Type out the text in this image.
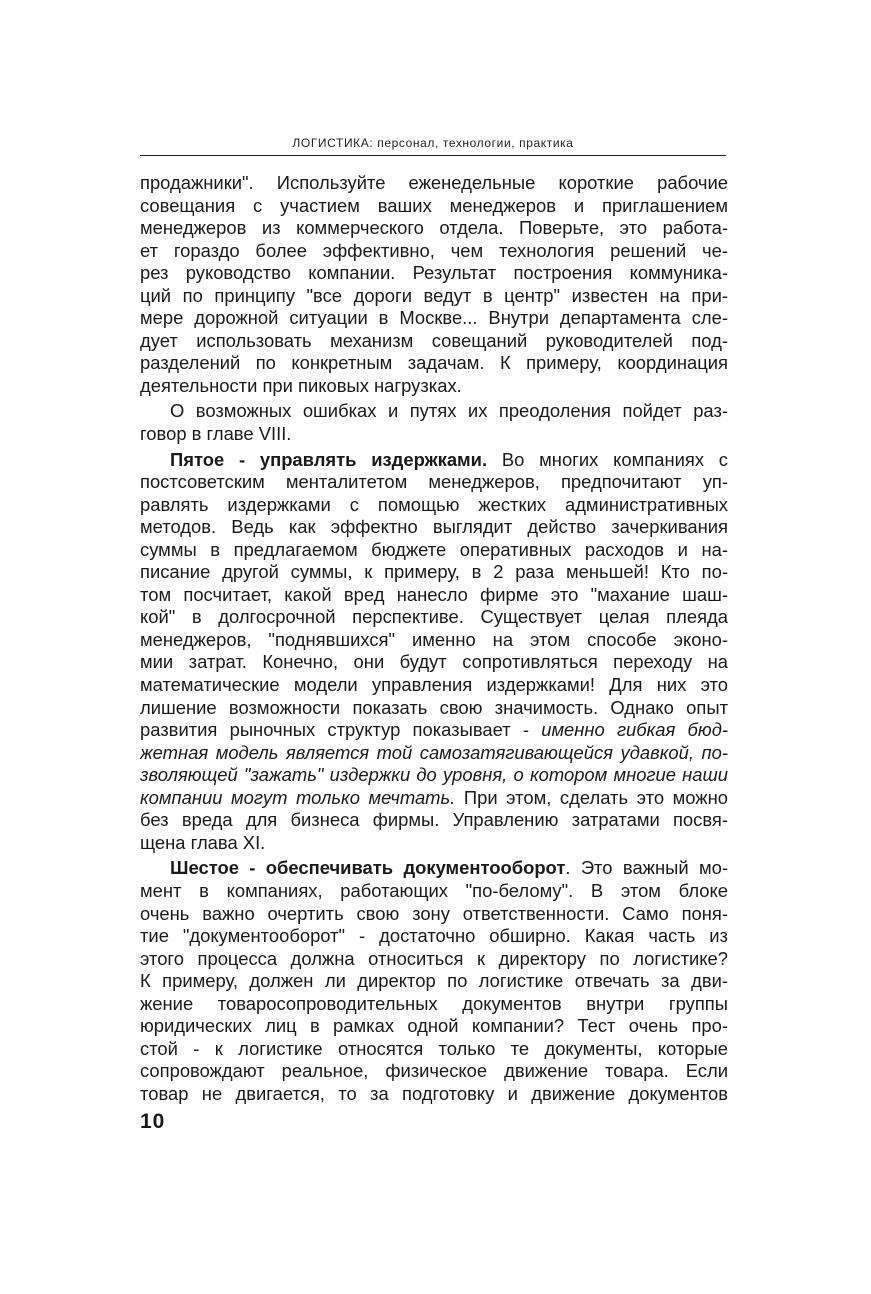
ЛОГИСТИКА: персонал, технологии, практика
продажники". Используйте еженедельные короткие рабочие
совещания с участием ваших менеджеров и приглашением
менеджеров из коммерческого отдела. Поверьте, это работа-
ет гораздо более эффективно, чем технология решений че-
рез руководство компании. Результат построения коммуника-
ций по принципу "все дороги ведут в центр" известен на при-
мере дорожной ситуации в Москве... Внутри департамента сле-
дует использовать механизм совещаний руководителей под-
разделений по конкретным задачам. К примеру, координация
деятельности при пиковых нагрузках.
О возможных ошибках и путях их преодоления пойдет раз-
говор в главе VIII.
Пятое - управлять издержками. Во многих компаниях с
постсоветским менталитетом менеджеров, предпочитают уп-
равлять издержками с помощью жестких административных
методов. Ведь как эффектно выглядит действо зачеркивания
суммы в предлагаемом бюджете оперативных расходов и на-
писание другой суммы, к примеру, в 2 раза меньшей! Кто по-
том посчитает, какой вред нанесло фирме это "махание шаш-
кой" в долгосрочной перспективе. Существует целая плеяда
менеджеров, "поднявшихся" именно на этом способе эконо-
мии затрат. Конечно, они будут сопротивляться переходу на
математические модели управления издержками! Для них это
лишение возможности показать свою значимость. Однако опыт
развития рыночных структур показывает - именно гибкая бюд-
жетная модель является той самозатягивающейся удавкой, по-
зволяющей "зажать" издержки до уровня, о котором многие наши
компании могут только мечтать. При этом, сделать это можно
без вреда для бизнеса фирмы. Управлению затратами посвя-
щена глава XI.
Шестое - обеспечивать документооборот. Это важный мо-
мент в компаниях, работающих "по-белому". В этом блоке
очень важно очертить свою зону ответственности. Само поня-
тие "документооборот" - достаточно обширно. Какая часть из
этого процесса должна относиться к директору по логистике?
К примеру, должен ли директор по логистике отвечать за дви-
жение товаросопроводительных документов внутри группы
юридических лиц в рамках одной компании? Тест очень про-
стой - к логистике относятся только те документы, которые
сопровождают реальное, физическое движение товара. Если
товар не двигается, то за подготовку и движение документов
10
